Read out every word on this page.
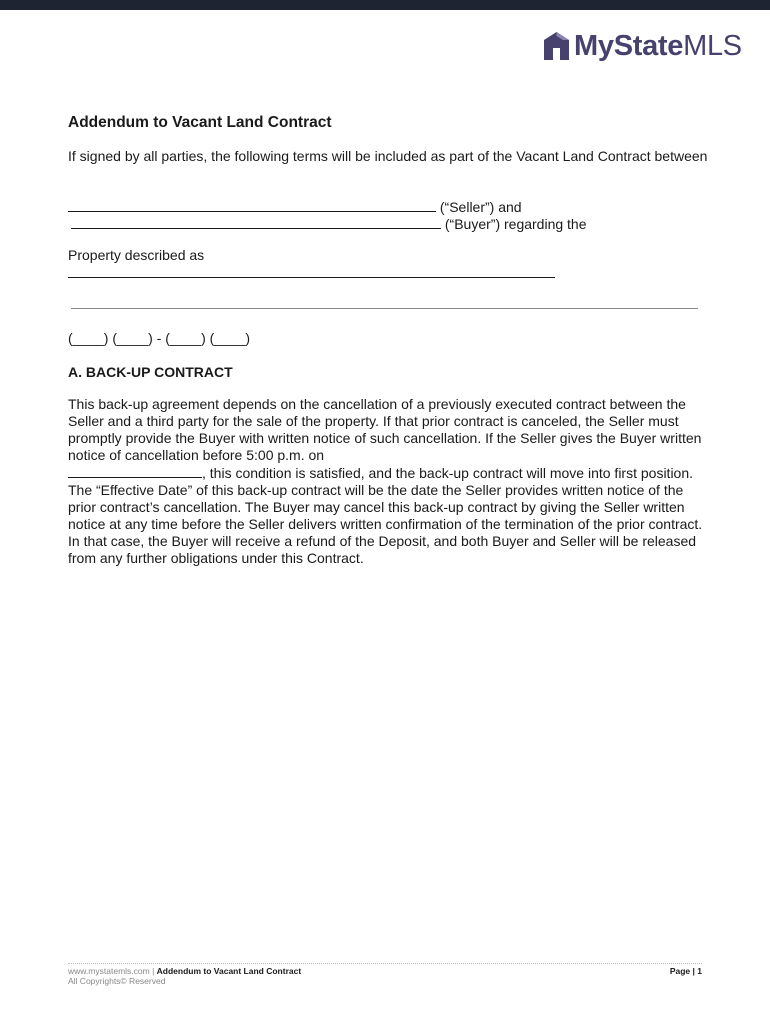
MyStateMLS
Addendum to Vacant Land Contract
If signed by all parties, the following terms will be included as part of the Vacant Land Contract between
(“Seller”) and
(“Buyer”) regarding the
Property described as
(____) (____) - (____) (____)
A. BACK-UP CONTRACT

This back-up agreement depends on the cancellation of a previously executed contract between the Seller and a third party for the sale of the property. If that prior contract is canceled, the Seller must promptly provide the Buyer with written notice of such cancellation. If the Seller gives the Buyer written notice of cancellation before 5:00 p.m. on
, this condition is satisfied, and the back-up contract will move into first position. The “Effective Date” of this back-up contract will be the date the Seller provides written notice of the prior contract’s cancellation. The Buyer may cancel this back-up contract by giving the Seller written notice at any time before the Seller delivers written confirmation of the termination of the prior contract. In that case, the Buyer will receive a refund of the Deposit, and both Buyer and Seller will be released from any further obligations under this Contract.

www.mystatemls.com | Addendum to Vacant Land Contract
All Copyrights© Reserved
Page | 1
